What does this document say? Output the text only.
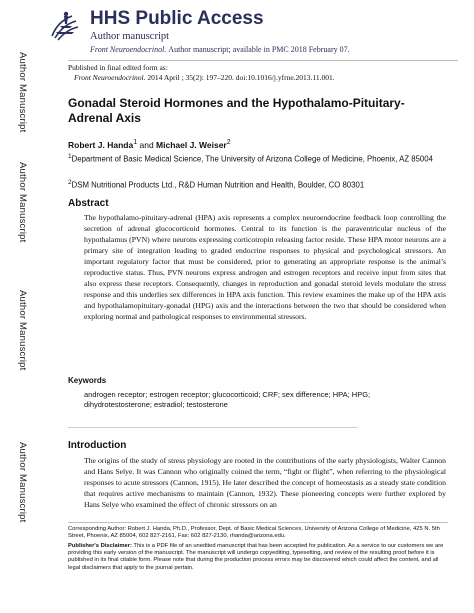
Author Manuscript
Author Manuscript
Author Manuscript
Author Manuscript
HHS Public Access
Author manuscript
Front Neuroendocrinol. Author manuscript; available in PMC 2018 February 07.
Published in final edited form as:
Front Neuroendocrinol. 2014 April ; 35(2): 197–220. doi:10.1016/j.yfrne.2013.11.001.
Gonadal Steroid Hormones and the Hypothalamo-Pituitary-Adrenal Axis
Robert J. Handa$^1$ and Michael J. Weiser$^2$
$^1$Department of Basic Medical Science, The University of Arizona College of Medicine, Phoenix, AZ 85004
$^2$DSM Nutritional Products Ltd., R&D Human Nutrition and Health, Boulder, CO 80301
Abstract
The hypothalamo-pituitary-adrenal (HPA) axis represents a complex neuroendocrine feedback loop controlling the secretion of adrenal glucocorticoid hormones. Central to its function is the paraventricular nucleus of the hypothalamus (PVN) where neurons expressing corticotropin releasing factor reside. These HPA motor neurons are a primary site of integration leading to graded endocrine responses to physical and psychological stressors. An important regulatory factor that must be considered, prior to generating an appropriate response is the animal’s reproductive status. Thus, PVN neurons express androgen and estrogen receptors and receive input from sites that also express these receptors. Consequently, changes in reproduction and gonadal steroid levels modulate the stress response and this underlies sex differences in HPA axis function. This review examines the make up of the HPA axis and hypothalamopituitary-gonadal (HPG) axis and the interactions between the two that should be considered when exploring normal and pathological responses to environmental stressors.
Keywords
androgen receptor; estrogen receptor; glucocorticoid; CRF; sex difference; HPA; HPG; dihydrotestosterone; estradiol; testosterone
Introduction
The origins of the study of stress physiology are rooted in the contributions of the early physiologists, Walter Cannon and Hans Selye. It was Cannon who originally coined the term, “fight or flight”, when referring to the physiological responses to acute stressors (Cannon, 1915). He later described the concept of homeostasis as a steady state condition that requires active mechanisms to maintain (Cannon, 1932). These pioneering concepts were further explored by Hans Selye who examined the effect of chronic stressors on an
Corresponding Author: Robert J. Handa, Ph.D., Professor, Dept. of Basic Medical Sciences, University of Arizona College of Medicine, 425 N. 5th Street, Phoenix, AZ 85004, 602 827-2161, Fax: 602 827-2130, rhanda@arizona.edu.
Publisher's Disclaimer: This is a PDF file of an unedited manuscript that has been accepted for publication. As a service to our customers we are providing this early version of the manuscript. The manuscript will undergo copyediting, typesetting, and review of the resulting proof before it is published in its final citable form. Please note that during the production process errors may be discovered which could affect the content, and all legal disclaimers that apply to the journal pertain.
